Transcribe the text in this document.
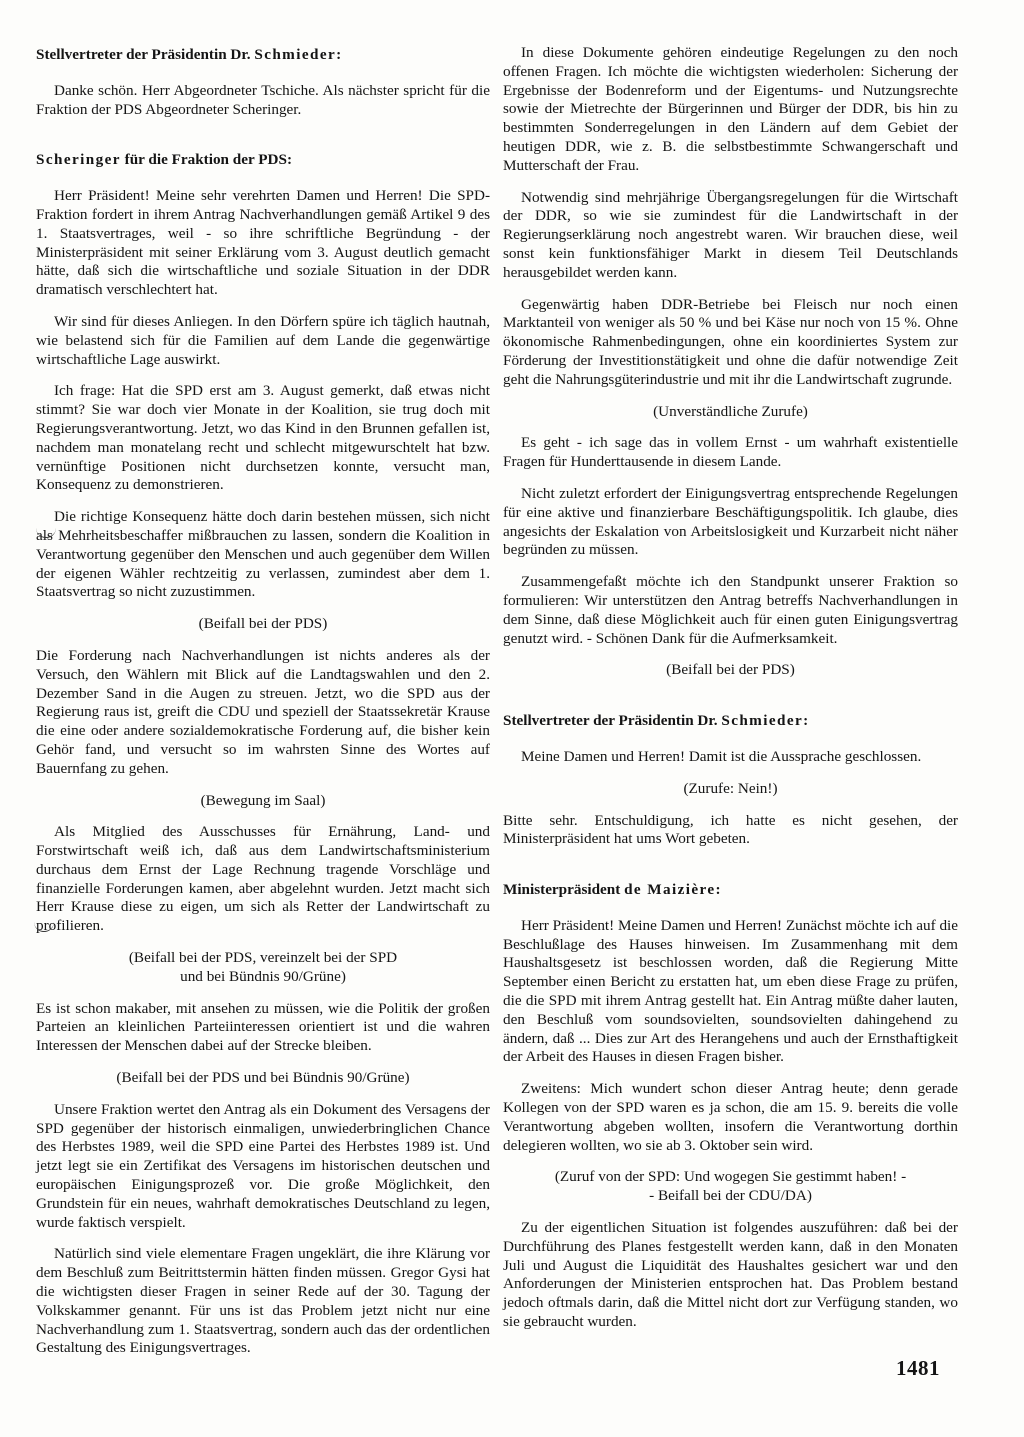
Stellvertreter der Präsidentin Dr. Schmieder:

Danke schön. Herr Abgeordneter Tschiche. Als nächster spricht für die Fraktion der PDS Abgeordneter Scheringer.

Scheringer für die Fraktion der PDS:

Herr Präsident! Meine sehr verehrten Damen und Herren! Die SPD-Fraktion fordert in ihrem Antrag Nachverhandlungen gemäß Artikel 9 des 1. Staatsvertrages, weil - so ihre schriftliche Begründung - der Ministerpräsident mit seiner Erklärung vom 3. August deutlich gemacht hätte, daß sich die wirtschaftliche und soziale Situation in der DDR dramatisch verschlechtert hat.

Wir sind für dieses Anliegen. In den Dörfern spüre ich täglich hautnah, wie belastend sich für die Familien auf dem Lande die gegenwärtige wirtschaftliche Lage auswirkt.

Ich frage: Hat die SPD erst am 3. August gemerkt, daß etwas nicht stimmt? Sie war doch vier Monate in der Koalition, sie trug doch mit Regierungsverantwortung. Jetzt, wo das Kind in den Brunnen gefallen ist, nachdem man monatelang recht und schlecht mitgewurschtelt hat bzw. vernünftige Positionen nicht durchsetzen konnte, versucht man, Konsequenz zu demonstrieren.

Die richtige Konsequenz hätte doch darin bestehen müssen, sich nicht als Mehrheitsbeschaffer mißbrauchen zu lassen, sondern die Koalition in Verantwortung gegenüber den Menschen und auch gegenüber dem Willen der eigenen Wähler rechtzeitig zu verlassen, zumindest aber dem 1. Staatsvertrag so nicht zuzustimmen.

(Beifall bei der PDS)

Die Forderung nach Nachverhandlungen ist nichts anderes als der Versuch, den Wählern mit Blick auf die Landtagswahlen und den 2. Dezember Sand in die Augen zu streuen. Jetzt, wo die SPD aus der Regierung raus ist, greift die CDU und speziell der Staatssekretär Krause die eine oder andere sozialdemokratische Forderung auf, die bisher kein Gehör fand, und versucht so im wahrsten Sinne des Wortes auf Bauernfang zu gehen.

(Bewegung im Saal)

Als Mitglied des Ausschusses für Ernährung, Land- und Forstwirtschaft weiß ich, daß aus dem Landwirtschaftsministerium durchaus dem Ernst der Lage Rechnung tragende Vorschläge und finanzielle Forderungen kamen, aber abgelehnt wurden. Jetzt macht sich Herr Krause diese zu eigen, um sich als Retter der Landwirtschaft zu profilieren.

(Beifall bei der PDS, vereinzelt bei der SPD
und bei Bündnis 90/Grüne)

Es ist schon makaber, mit ansehen zu müssen, wie die Politik der großen Parteien an kleinlichen Parteiinteressen orientiert ist und die wahren Interessen der Menschen dabei auf der Strecke bleiben.

(Beifall bei der PDS und bei Bündnis 90/Grüne)

Unsere Fraktion wertet den Antrag als ein Dokument des Versagens der SPD gegenüber der historisch einmaligen, unwiederbringlichen Chance des Herbstes 1989, weil die SPD eine Partei des Herbstes 1989 ist. Und jetzt legt sie ein Zertifikat des Versagens im historischen deutschen und europäischen Einigungsprozeß vor. Die große Möglichkeit, den Grundstein für ein neues, wahrhaft demokratisches Deutschland zu legen, wurde faktisch verspielt.

Natürlich sind viele elementare Fragen ungeklärt, die ihre Klärung vor dem Beschluß zum Beitrittstermin hätten finden müssen. Gregor Gysi hat die wichtigsten dieser Fragen in seiner Rede auf der 30. Tagung der Volkskammer genannt. Für uns ist das Problem jetzt nicht nur eine Nachverhandlung zum 1. Staatsvertrag, sondern auch das der ordentlichen Gestaltung des Einigungsvertrages.

In diese Dokumente gehören eindeutige Regelungen zu den noch offenen Fragen. Ich möchte die wichtigsten wiederholen: Sicherung der Ergebnisse der Bodenreform und der Eigentums- und Nutzungsrechte sowie der Mietrechte der Bürgerinnen und Bürger der DDR, bis hin zu bestimmten Sonderregelungen in den Ländern auf dem Gebiet der heutigen DDR, wie z. B. die selbstbestimmte Schwangerschaft und Mutterschaft der Frau.

Notwendig sind mehrjährige Übergangsregelungen für die Wirtschaft der DDR, so wie sie zumindest für die Landwirtschaft in der Regierungserklärung noch angestrebt waren. Wir brauchen diese, weil sonst kein funktionsfähiger Markt in diesem Teil Deutschlands herausgebildet werden kann.

Gegenwärtig haben DDR-Betriebe bei Fleisch nur noch einen Marktanteil von weniger als 50 % und bei Käse nur noch von 15 %. Ohne ökonomische Rahmenbedingungen, ohne ein koordiniertes System zur Förderung der Investitionstätigkeit und ohne die dafür notwendige Zeit geht die Nahrungsgüterindustrie und mit ihr die Landwirtschaft zugrunde.

(Unverständliche Zurufe)

Es geht - ich sage das in vollem Ernst - um wahrhaft existentielle Fragen für Hunderttausende in diesem Lande.

Nicht zuletzt erfordert der Einigungsvertrag entsprechende Regelungen für eine aktive und finanzierbare Beschäftigungspolitik. Ich glaube, dies angesichts der Eskalation von Arbeitslosigkeit und Kurzarbeit nicht näher begründen zu müssen.

Zusammengefaßt möchte ich den Standpunkt unserer Fraktion so formulieren: Wir unterstützen den Antrag betreffs Nachverhandlungen in dem Sinne, daß diese Möglichkeit auch für einen guten Einigungsvertrag genutzt wird. - Schönen Dank für die Aufmerksamkeit.

(Beifall bei der PDS)

Stellvertreter der Präsidentin Dr. Schmieder:

Meine Damen und Herren! Damit ist die Aussprache geschlossen.

(Zurufe: Nein!)

Bitte sehr. Entschuldigung, ich hatte es nicht gesehen, der Ministerpräsident hat ums Wort gebeten.

Ministerpräsident de Maizière:

Herr Präsident! Meine Damen und Herren! Zunächst möchte ich auf die Beschlußlage des Hauses hinweisen. Im Zusammenhang mit dem Haushaltsgesetz ist beschlossen worden, daß die Regierung Mitte September einen Bericht zu erstatten hat, um eben diese Frage zu prüfen, die die SPD mit ihrem Antrag gestellt hat. Ein Antrag müßte daher lauten, den Beschluß vom soundsovielten, soundsovielten dahingehend zu ändern, daß ... Dies zur Art des Herangehens und auch der Ernsthaftigkeit der Arbeit des Hauses in diesen Fragen bisher.

Zweitens: Mich wundert schon dieser Antrag heute; denn gerade Kollegen von der SPD waren es ja schon, die am 15. 9. bereits die volle Verantwortung abgeben wollten, insofern die Verantwortung dorthin delegieren wollten, wo sie ab 3. Oktober sein wird.

(Zuruf von der SPD: Und wogegen Sie gestimmt haben! -
- Beifall bei der CDU/DA)

Zu der eigentlichen Situation ist folgendes auszuführen: daß bei der Durchführung des Planes festgestellt werden kann, daß in den Monaten Juli und August die Liquidität des Haushaltes gesichert war und den Anforderungen der Ministerien entsprochen hat. Das Problem bestand jedoch oftmals darin, daß die Mittel nicht dort zur Verfügung standen, wo sie gebraucht wurden.

1481
